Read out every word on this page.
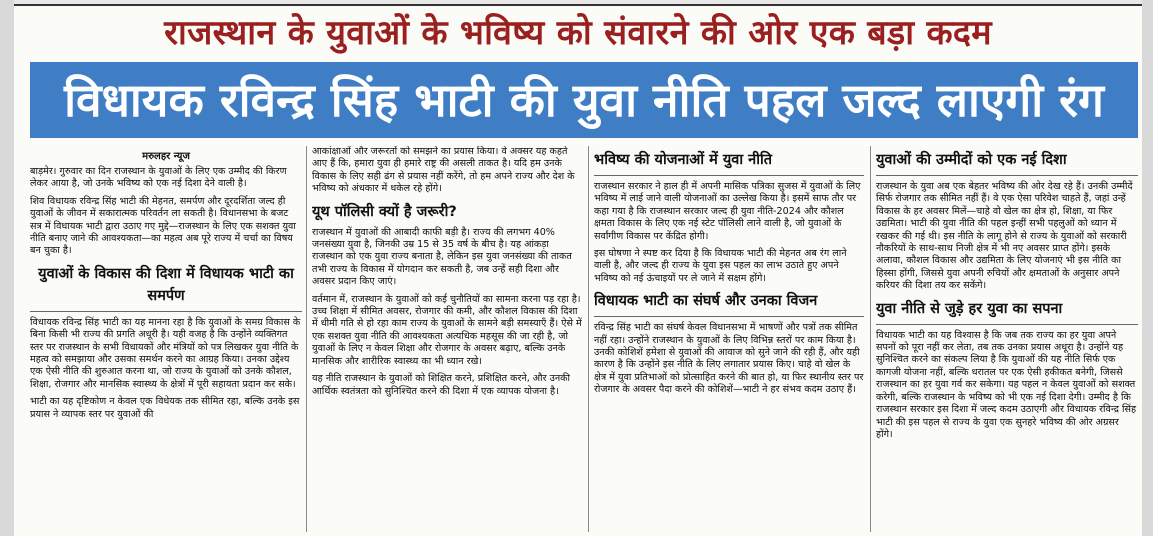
राजस्थान के युवाओं के भविष्य को संवारने की ओर एक बड़ा कदम
विधायक रविन्द्र सिंह भाटी की युवा नीति पहल जल्द लाएगी रंग
मरुलहर न्यूज

बाड़मेर। गुरुवार का दिन राजस्थान के युवाओं के लिए एक उम्मीद की किरण लेकर आया है, जो उनके भविष्य को एक नई दिशा देने वाली है।

शिव विधायक रविन्द्र सिंह भाटी की मेहनत, समर्पण और दूरदर्शिता जल्द ही युवाओं के जीवन में सकारात्मक परिवर्तन ला सकती है। विधानसभा के बजट सत्र में विधायक भाटी द्वारा उठाए गए मुद्दे—राजस्थान के लिए एक सशक्त युवा नीति बनाए जाने की आवश्यकता—का महत्व अब पूरे राज्य में चर्चा का विषय बन चुका है।

युवाओं के विकास की दिशा में विधायक भाटी का समर्पण

विधायक रविन्द्र सिंह भाटी का यह मानना रहा है कि युवाओं के समग्र विकास के बिना किसी भी राज्य की प्रगति अधूरी है। यही वजह है कि उन्होंने व्यक्तिगत स्तर पर राजस्थान के सभी विधायकों और मंत्रियों को पत्र लिखकर युवा नीति के महत्व को समझाया और उसका समर्थन करने का आग्रह किया। उनका उद्देश्य एक ऐसी नीति की शुरुआत करना था, जो राज्य के युवाओं को उनके कौशल, शिक्षा, रोजगार और मानसिक स्वास्थ्य के क्षेत्रों में पूरी सहायता प्रदान कर सके।

भाटी का यह दृष्टिकोण न केवल एक विधेयक तक सीमित रहा, बल्कि उनके इस प्रयास ने व्यापक स्तर पर युवाओं की

आकांक्षाओं और जरूरतों को समझने का प्रयास किया। वे अक्सर यह कहते आए हैं कि, हमारा युवा ही हमारे राष्ट्र की असली ताकत है। यदि हम उनके विकास के लिए सही ढंग से प्रयास नहीं करेंगे, तो हम अपने राज्य और देश के भविष्य को अंधकार में धकेल रहे होंगे।

यूथ पॉलिसी क्यों है जरूरी?

राजस्थान में युवाओं की आबादी काफी बड़ी है। राज्य की लगभग 40% जनसंख्या युवा है, जिनकी उम्र 15 से 35 वर्ष के बीच है। यह आंकड़ा राजस्थान को एक युवा राज्य बनाता है, लेकिन इस युवा जनसंख्या की ताकत तभी राज्य के विकास में योगदान कर सकती है, जब उन्हें सही दिशा और अवसर प्रदान किए जाएं।

वर्तमान में, राजस्थान के युवाओं को कई चुनौतियों का सामना करना पड़ रहा है। उच्च शिक्षा में सीमित अवसर, रोजगार की कमी, और कौशल विकास की दिशा में धीमी गति से हो रहा काम राज्य के युवाओं के सामने बड़ी समस्याएँ हैं। ऐसे में एक सशक्त युवा नीति की आवश्यकता अत्यधिक महसूस की जा रही है, जो युवाओं के लिए न केवल शिक्षा और रोजगार के अवसर बढ़ाए, बल्कि उनके मानसिक और शारीरिक स्वास्थ्य का भी ध्यान रखे।

यह नीति राजस्थान के युवाओं को शिक्षित करने, प्रशिक्षित करने, और उनकी आर्थिक स्वतंत्रता को सुनिश्चित करने की दिशा में एक व्यापक योजना है।

भविष्य की योजनाओं में युवा नीति

राजस्थान सरकार ने हाल ही में अपनी मासिक पत्रिका सुजस में युवाओं के लिए भविष्य में लाई जाने वाली योजनाओं का उल्लेख किया है। इसमें साफ तौर पर कहा गया है कि राजस्थान सरकार जल्द ही युवा नीति-2024 और कौशल क्षमता विकास के लिए एक नई स्टेट पॉलिसी लाने वाली है, जो युवाओं के सर्वांगीण विकास पर केंद्रित होगी।

इस घोषणा ने स्पष्ट कर दिया है कि विधायक भाटी की मेहनत अब रंग लाने वाली है, और जल्द ही राज्य के युवा इस पहल का लाभ उठाते हुए अपने भविष्य को नई ऊंचाइयों पर ले जाने में सक्षम होंगे।

विधायक भाटी का संघर्ष और उनका विजन

रविन्द्र सिंह भाटी का संघर्ष केवल विधानसभा में भाषणों और पत्रों तक सीमित नहीं रहा। उन्होंने राजस्थान के युवाओं के लिए विभिन्न स्तरों पर काम किया है। उनकी कोशिशें हमेशा से युवाओं की आवाज को सुने जाने की रही हैं, और यही कारण है कि उन्होंने इस नीति के लिए लगातार प्रयास किए। चाहे वो खेल के क्षेत्र में युवा प्रतिभाओं को प्रोत्साहित करने की बात हो, या फिर स्थानीय स्तर पर रोजगार के अवसर पैदा करने की कोशिशें—भाटी ने हर संभव कदम उठाए हैं।

युवाओं की उम्मीदों को एक नई दिशा

राजस्थान के युवा अब एक बेहतर भविष्य की ओर देख रहे हैं। उनकी उम्मीदें सिर्फ रोजगार तक सीमित नहीं हैं। वे एक ऐसा परिवेश चाहते हैं, जहां उन्हें विकास के हर अवसर मिलें—चाहे वो खेल का क्षेत्र हो, शिक्षा, या फिर उद्यमिता। भाटी की युवा नीति की पहल इन्हीं सभी पहलुओं को ध्यान में रखकर की गई थी। इस नीति के लागू होने से राज्य के युवाओं को सरकारी नौकरियों के साथ-साथ निजी क्षेत्र में भी नए अवसर प्राप्त होंगे। इसके अलावा, कौशल विकास और उद्यमिता के लिए योजनाएं भी इस नीति का हिस्सा होंगी, जिससे युवा अपनी रुचियों और क्षमताओं के अनुसार अपने करियर की दिशा तय कर सकेंगे।

युवा नीति से जुड़े हर युवा का सपना

विधायक भाटी का यह विश्वास है कि जब तक राज्य का हर युवा अपने सपनों को पूरा नहीं कर लेता, तब तक उनका प्रयास अधूरा है। उन्होंने यह सुनिश्चित करने का संकल्प लिया है कि युवाओं की यह नीति सिर्फ एक कागजी योजना नहीं, बल्कि धरातल पर एक ऐसी हकीकत बनेगी, जिससे राजस्थान का हर युवा गर्व कर सकेगा। यह पहल न केवल युवाओं को सशक्त करेगी, बल्कि राजस्थान के भविष्य को भी एक नई दिशा देगी। उम्मीद है कि राजस्थान सरकार इस दिशा में जल्द कदम उठाएगी और विधायक रविन्द्र सिंह भाटी की इस पहल से राज्य के युवा एक सुनहरे भविष्य की ओर अग्रसर होंगे।
